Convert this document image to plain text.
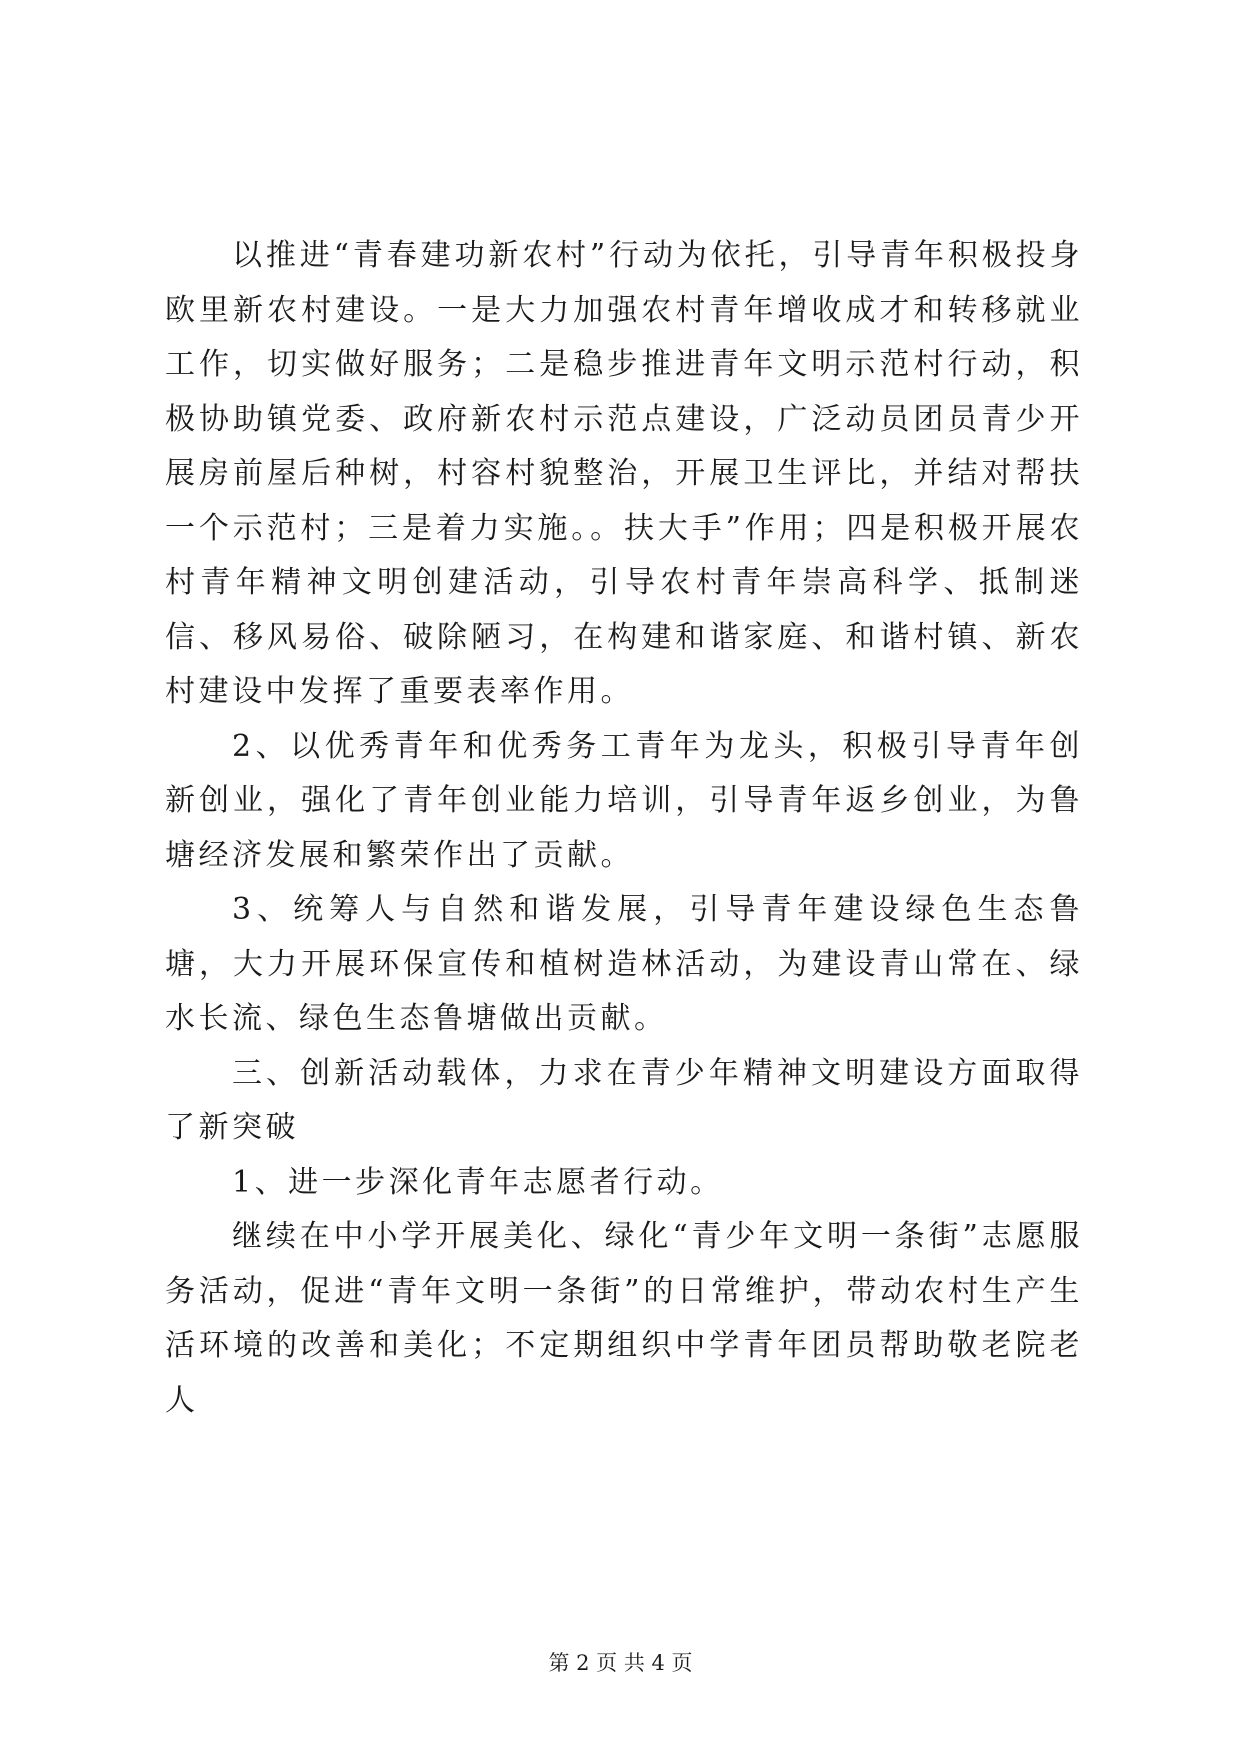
以推进“青春建功新农村”行动为依托，引导青年积极投身欧里新农村建设。一是大力加强农村青年增收成才和转移就业工作，切实做好服务；二是稳步推进青年文明示范村行动，积极协助镇党委、政府新农村示范点建设，广泛动员团员青少开展房前屋后种树，村容村貌整治，开展卫生评比，并结对帮扶一个示范村；三是着力实施。。扶大手”作用；四是积极开展农村青年精神文明创建活动，引导农村青年崇高科学、抵制迷信、移风易俗、破除陋习，在构建和谐家庭、和谐村镇、新农村建设中发挥了重要表率作用。

2、以优秀青年和优秀务工青年为龙头，积极引导青年创新创业，强化了青年创业能力培训，引导青年返乡创业，为鲁塘经济发展和繁荣作出了贡献。

3、统筹人与自然和谐发展，引导青年建设绿色生态鲁塘，大力开展环保宣传和植树造林活动，为建设青山常在、绿水长流、绿色生态鲁塘做出贡献。

三、创新活动载体，力求在青少年精神文明建设方面取得了新突破

1、进一步深化青年志愿者行动。

继续在中小学开展美化、绿化“青少年文明一条街”志愿服务活动，促进“青年文明一条街”的日常维护，带动农村生产生活环境的改善和美化；不定期组织中学青年团员帮助敬老院老人

第 2 页 共 4 页
